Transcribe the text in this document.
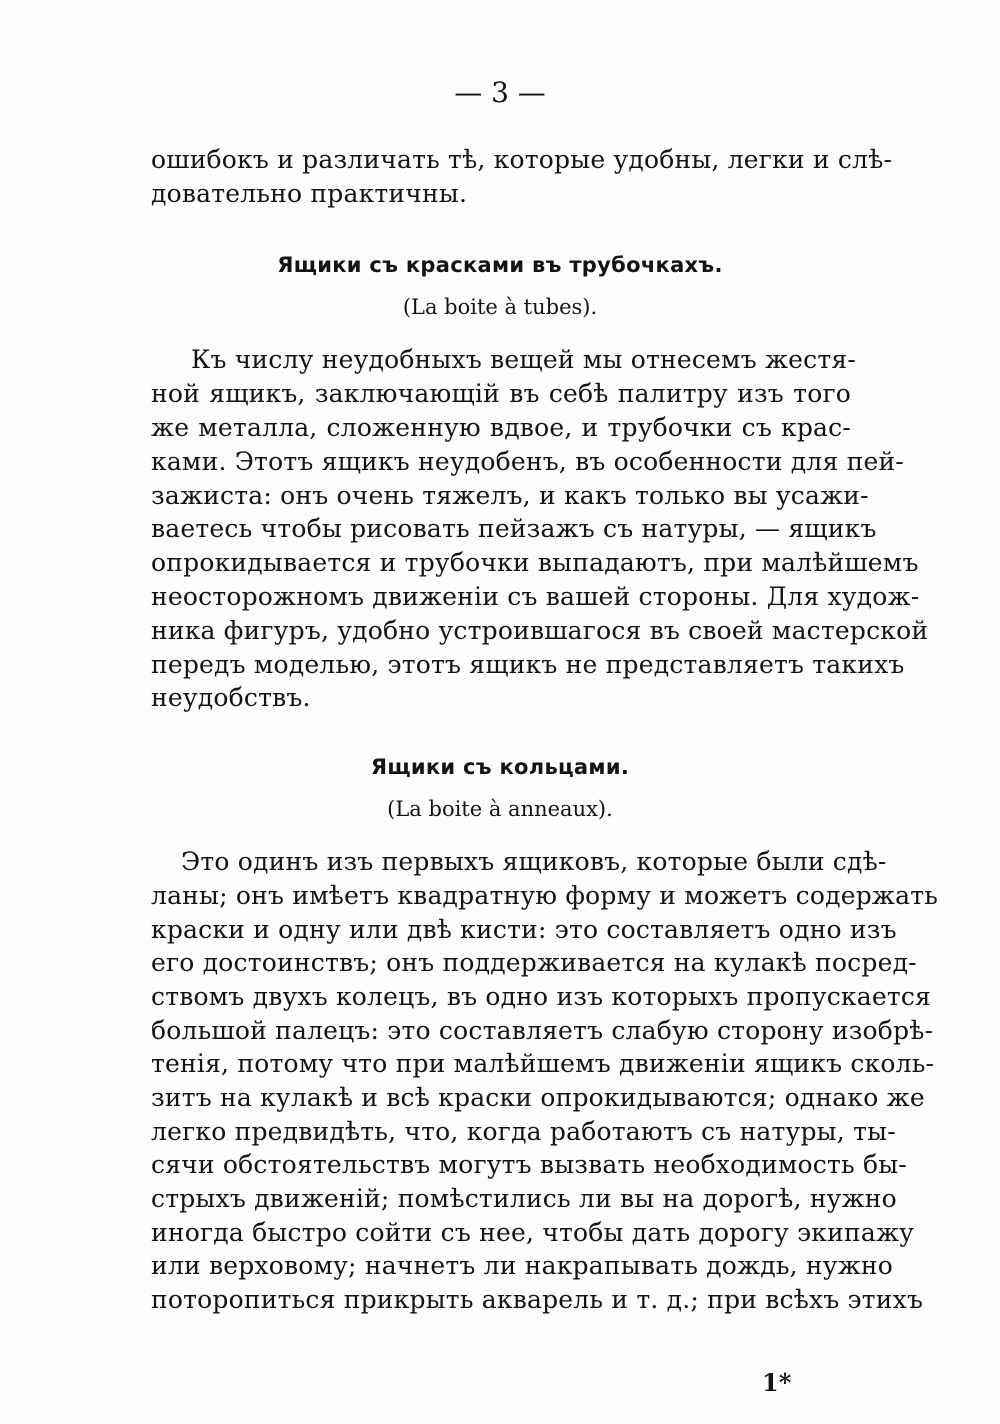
— 3 —
ошибокъ и различать тѣ, которые удобны, легки и слѣ-
довательно практичны.
Ящики съ красками въ трубочкахъ.
(La boite à tubes).
Къ числу неудобныхъ вещей мы отнесемъ жестя-
ной ящикъ, заключающій въ себѣ палитру изъ того
же металла, сложенную вдвое, и трубочки съ крас-
ками. Этотъ ящикъ неудобенъ, въ особенности для пей-
зажиста: онъ очень тяжелъ, и какъ только вы усажи-
ваетесь чтобы рисовать пейзажъ съ натуры, — ящикъ
опрокидывается и трубочки выпадаютъ, при малѣйшемъ
неосторожномъ движеніи съ вашей стороны. Для худож-
ника фигуръ, удобно устроившагося въ своей мастерской
передъ моделью, этотъ ящикъ не представляетъ такихъ
неудобствъ.
Ящики съ кольцами.
(La boite à anneaux).
Это одинъ изъ первыхъ ящиковъ, которые были сдѣ-
ланы; онъ имѣетъ квадратную форму и можетъ содержать
краски и одну или двѣ кисти: это составляетъ одно изъ
его достоинствъ; онъ поддерживается на кулакѣ посред-
ствомъ двухъ колецъ, въ одно изъ которыхъ пропускается
большой палецъ: это составляетъ слабую сторону изобрѣ-
тенія, потому что при малѣйшемъ движеніи ящикъ сколь-
зитъ на кулакѣ и всѣ краски опрокидываются; однако же
легко предвидѣть, что, когда работаютъ съ натуры, ты-
сячи обстоятельствъ могутъ вызвать необходимость бы-
стрыхъ движеній; помѣстились ли вы на дорогѣ, нужно
иногда быстро сойти съ нее, чтобы дать дорогу экипажу
или верховому; начнетъ ли накрапывать дождь, нужно
поторопиться прикрыть акварель и т. д.; при всѣхъ этихъ
1*
